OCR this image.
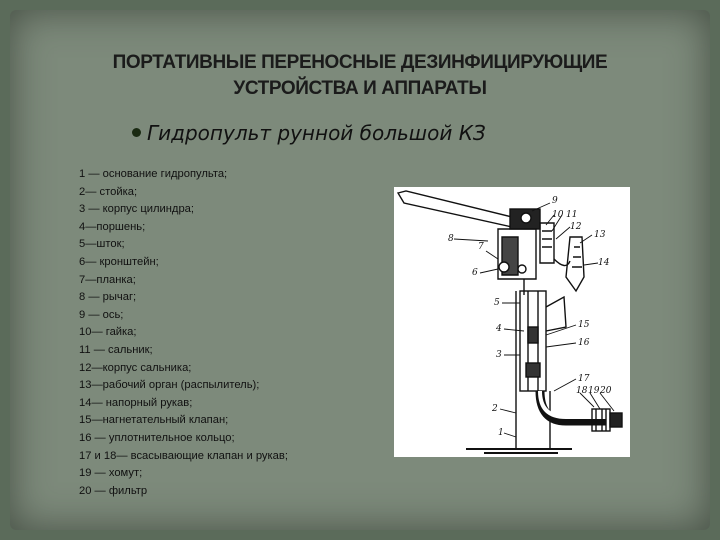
ПОРТАТИВНЫЕ ПЕРЕНОСНЫЕ ДЕЗИНФИЦИРУЮЩИЕ
УСТРОЙСТВА И АППАРАТЫ
Гидропульт рунной большой КЗ
1 — основание гидропульта;
2— стойка;
3 — корпус цилиндра;
4—поршень;
5—шток;
6— кронштейн;
7—планка;
8 — рычаг;
9 — ось;
10— гайка;
11 — сальник;
12—корпус сальника;
13—рабочий орган (распылитель);
14— напорный рукав;
15—нагнетательный клапан;
16 — уплотнительное кольцо;
17 и 18— всасывающие клапан и рукав;
19 — хомут;
20 — фильтр
8
7
6
5
4
3
2
1
9
10 11
12
13
14
15
16
17
18 19 20
